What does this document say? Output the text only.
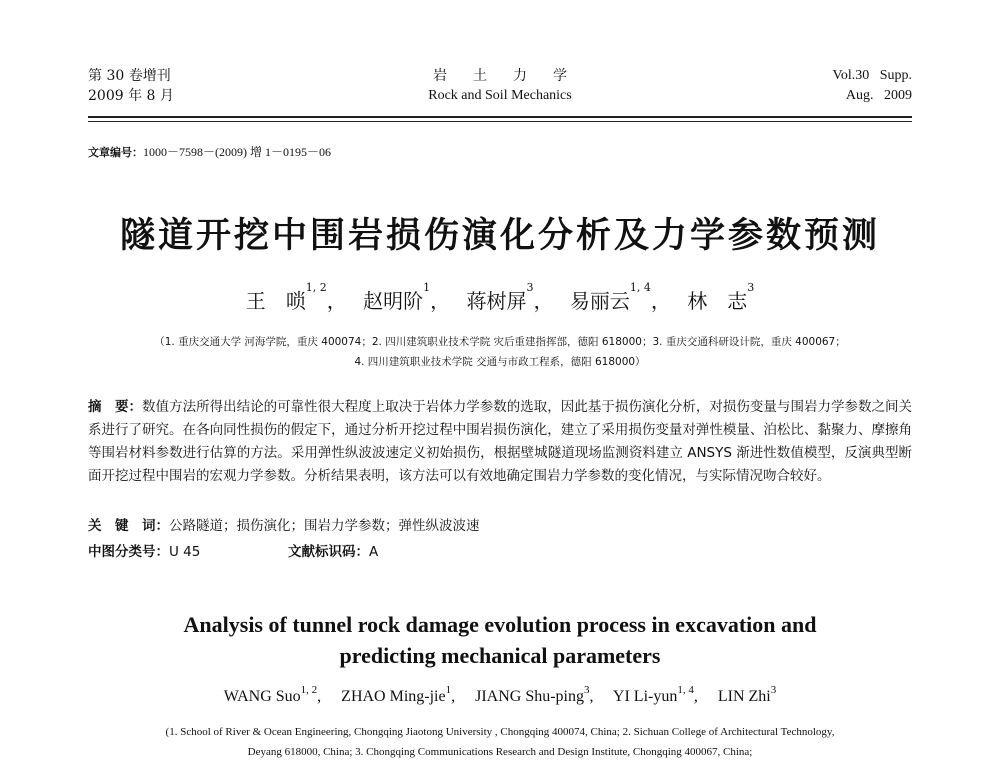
第 30 卷增刊
2009 年 8 月
岩土力学
Rock and Soil Mechanics
Vol.30   Supp.
Aug.   2009
文章编号：1000－7598－(2009) 增 1－0195－06
隧道开挖中围岩损伤演化分析及力学参数预测
王　唢$^{1, 2}$， 赵明阶$^1$， 蒋树屏$^3$， 易丽云$^{1, 4}$， 林　志$^3$
（1. 重庆交通大学 河海学院，重庆 400074；2. 四川建筑职业技术学院 灾后重建指挥部，德阳 618000；3. 重庆交通科研设计院，重庆 400067；
4. 四川建筑职业技术学院 交通与市政工程系，德阳 618000）
摘　要：数值方法所得出结论的可靠性很大程度上取决于岩体力学参数的选取，因此基于损伤演化分析，对损伤变量与围岩力学参数之间关系进行了研究。在各向同性损伤的假定下，通过分析开挖过程中围岩损伤演化，建立了采用损伤变量对弹性模量、泊松比、黏聚力、摩擦角等围岩材料参数进行估算的方法。采用弹性纵波波速定义初始损伤，根据壁城隧道现场监测资料建立 ANSYS 渐进性数值模型，反演典型断面开挖过程中围岩的宏观力学参数。分析结果表明，该方法可以有效地确定围岩力学参数的变化情况，与实际情况吻合较好。
关　键　词：公路隧道；损伤演化；围岩力学参数；弹性纵波波速
中图分类号：U 45	文献标识码：A
Analysis of tunnel rock damage evolution process in excavation and
predicting mechanical parameters
WANG Suo$^{1, 2}$, ZHAO Ming-jie$^1$, JIANG Shu-ping$^3$, YI Li-yun$^{1, 4}$, LIN Zhi$^3$
(1. School of River & Ocean Engineering, Chongqing Jiaotong University , Chongqing 400074, China; 2. Sichuan College of Architectural Technology,
Deyang 618000, China; 3. Chongqing Communications Research and Design Institute, Chongqing 400067, China;
